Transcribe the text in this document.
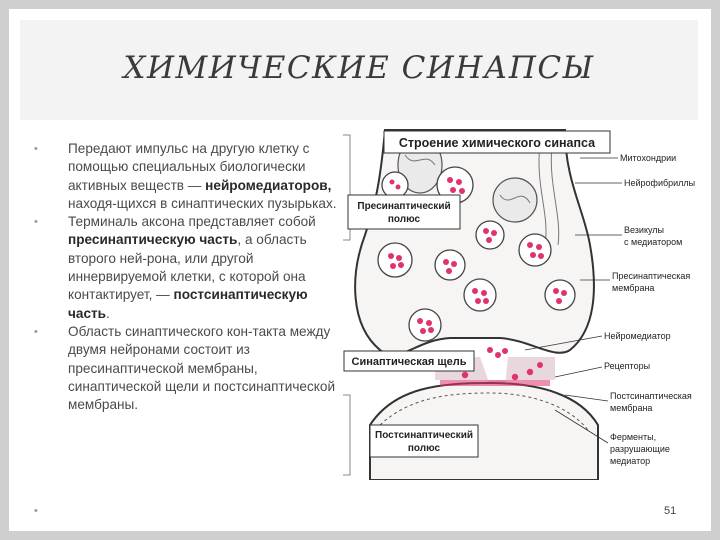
ХИМИЧЕСКИЕ СИНАПСЫ
• Передают импульс на другую клетку с помощью специальных биологически активных веществ — нейромедиаторов, находя-щихся в синаптических пузырьках.
• Терминаль аксона представляет собой пресинаптическую часть, а область второго ней-рона, или другой иннервируемой клетки, с которой она контактирует, — постсинаптическую часть.
• Область синаптического кон-такта между двумя нейронами состоит из пресинаптической мембраны, синаптической щели и постсинаптической мембраны.
•	51
Строение химического синапса
Пресинаптический
полюс
Синаптическая щель
Постсинаптический
полюс
Митохондрии
Нейрофибриллы
Везикулы
с медиатором
Пресинаптическая
мембрана
Нейромедиатор
Рецепторы
Постсинаптическая
мембрана
Ферменты,
разрушающие
медиатор
